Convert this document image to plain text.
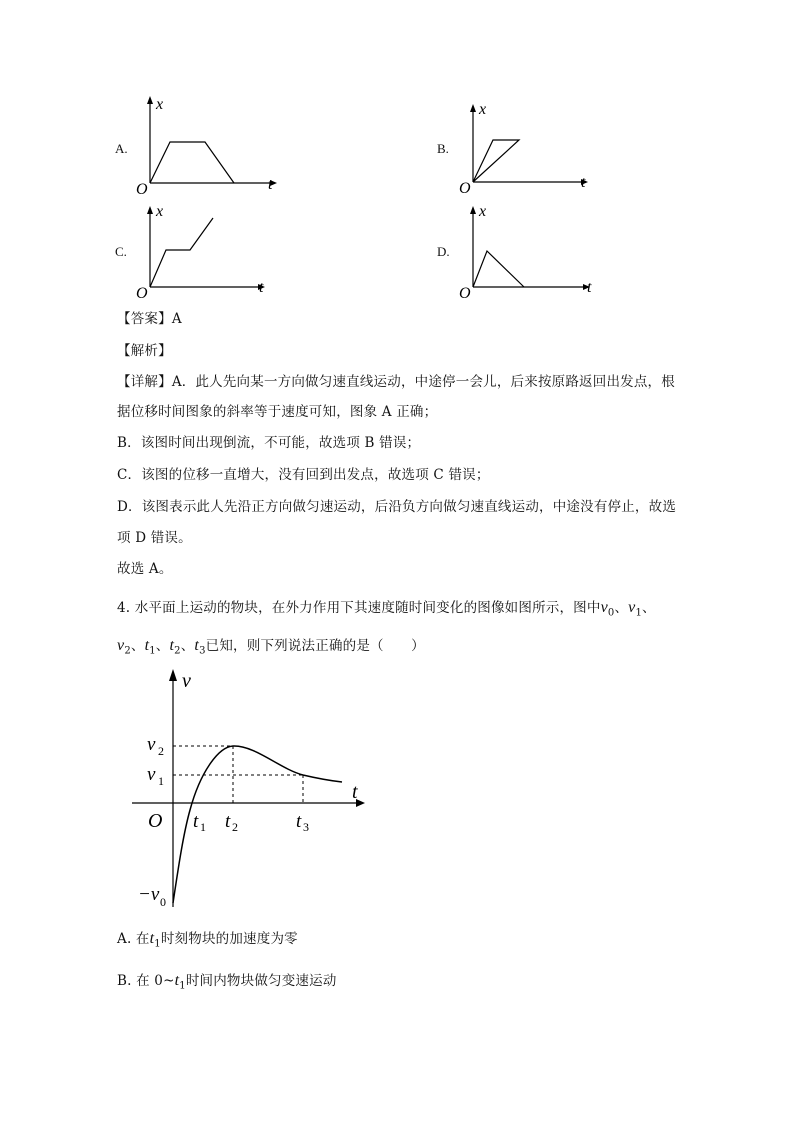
A.
x
t
O
B.
x
t
O
C.
x
t
O
D.
x
t
O
【答案】A
【解析】
【详解】A．此人先向某一方向做匀速直线运动，中途停一会儿，后来按原路返回出发点，根
据位移时间图象的斜率等于速度可知，图象 A 正确；
B．该图时间出现倒流，不可能，故选项 B 错误；
C．该图的位移一直增大，没有回到出发点，故选项 C 错误；
D．该图表示此人先沿正方向做匀速运动，后沿负方向做匀速直线运动，中途没有停止，故选
项 D 错误。
故选 A。
4. 水平面上运动的物块，在外力作用下其速度随时间变化的图像如图所示，图中$v_0$、$v_1$、
$v_2$、$t_1$、$t_2$、$t_3$已知，则下列说法正确的是（　　）
v
t
O
v 2
v 1
−v 0
t 1 t 2	t 3
A. 在$t_1$时刻物块的加速度为零
B. 在 $0\sim t_1$时间内物块做匀变速运动
